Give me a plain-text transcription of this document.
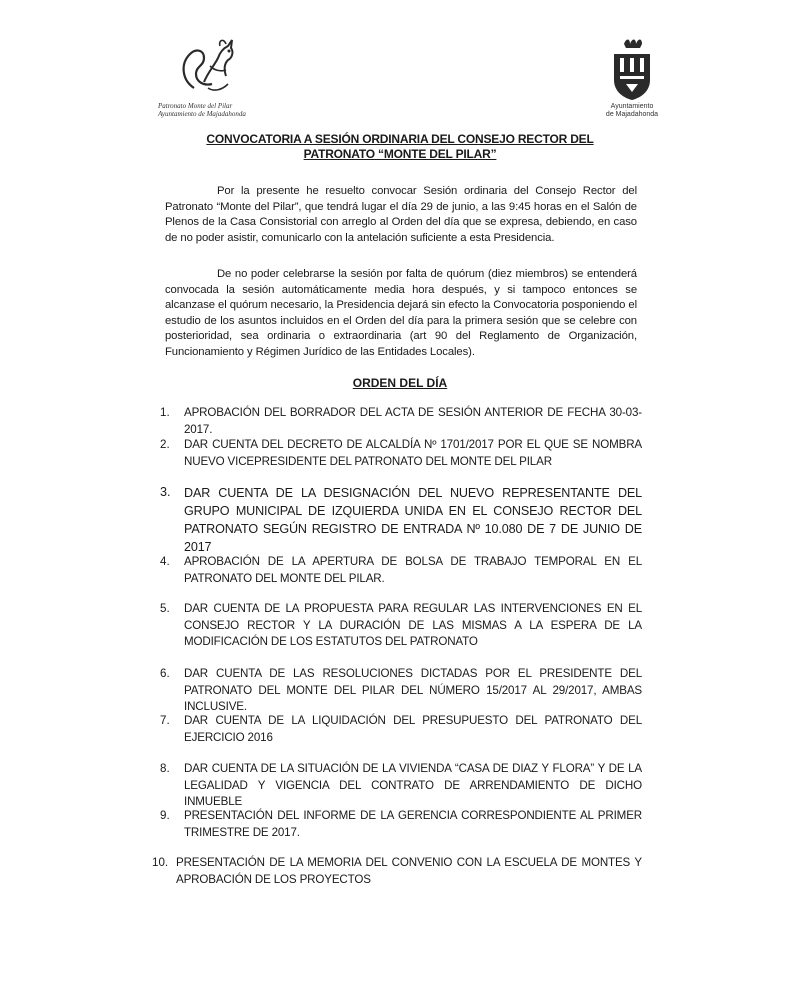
Patronato Monte del Pilar
Ayuntamiento de Majadahonda
Ayuntamiento
de Majadahonda
CONVOCATORIA A SESIÓN ORDINARIA DEL CONSEJO RECTOR DEL
PATRONATO “MONTE DEL PILAR”

Por la presente he resuelto convocar Sesión ordinaria del Consejo Rector del Patronato “Monte del Pilar”, que tendrá lugar el día 29 de junio, a las 9:45 horas en el Salón de Plenos de la Casa Consistorial con arreglo al Orden del día que se expresa, debiendo, en caso de no poder asistir, comunicarlo con la antelación suficiente a esta Presidencia.

De no poder celebrarse la sesión por falta de quórum (diez miembros) se entenderá convocada la sesión automáticamente media hora después, y si tampoco entonces se alcanzase el quórum necesario, la Presidencia dejará sin efecto la Convocatoria posponiendo el estudio de los asuntos incluidos en el Orden del día para la primera sesión que se celebre con posterioridad, sea ordinaria o extraordinaria (art 90 del Reglamento de Organización, Funcionamiento y Régimen Jurídico de las Entidades Locales).

ORDEN DEL DÍA
1.	APROBACIÓN DEL BORRADOR DEL ACTA DE SESIÓN ANTERIOR DE FECHA 30-03-2017.
2.	DAR CUENTA DEL DECRETO DE ALCALDÍA Nº 1701/2017 POR EL QUE SE NOMBRA NUEVO VICEPRESIDENTE DEL PATRONATO DEL MONTE DEL PILAR
3.	DAR CUENTA DE LA DESIGNACIÓN DEL NUEVO REPRESENTANTE DEL GRUPO MUNICIPAL DE IZQUIERDA UNIDA EN EL CONSEJO RECTOR DEL PATRONATO SEGÚN REGISTRO DE ENTRADA Nº 10.080 DE 7 DE JUNIO DE 2017
4.	APROBACIÓN DE LA APERTURA DE BOLSA DE TRABAJO TEMPORAL EN EL PATRONATO DEL MONTE DEL PILAR.
5.	DAR CUENTA DE LA PROPUESTA PARA REGULAR LAS INTERVENCIONES EN EL CONSEJO RECTOR Y LA DURACIÓN DE LAS MISMAS A LA ESPERA DE LA MODIFICACIÓN DE LOS ESTATUTOS DEL PATRONATO
6.	DAR CUENTA DE LAS RESOLUCIONES DICTADAS POR EL PRESIDENTE DEL PATRONATO DEL MONTE DEL PILAR DEL NÚMERO 15/2017 AL 29/2017, AMBAS INCLUSIVE.
7.	DAR CUENTA DE LA LIQUIDACIÓN DEL PRESUPUESTO DEL PATRONATO DEL EJERCICIO 2016
8.	DAR CUENTA DE LA SITUACIÓN DE LA VIVIENDA “CASA DE DIAZ Y FLORA” Y DE LA LEGALIDAD Y VIGENCIA DEL CONTRATO DE ARRENDAMIENTO DE DICHO INMUEBLE
9.	PRESENTACIÓN DEL INFORME DE LA GERENCIA CORRESPONDIENTE AL PRIMER TRIMESTRE DE 2017.
10. PRESENTACIÓN DE LA MEMORIA DEL CONVENIO CON LA ESCUELA DE MONTES Y APROBACIÓN DE LOS PROYECTOS
